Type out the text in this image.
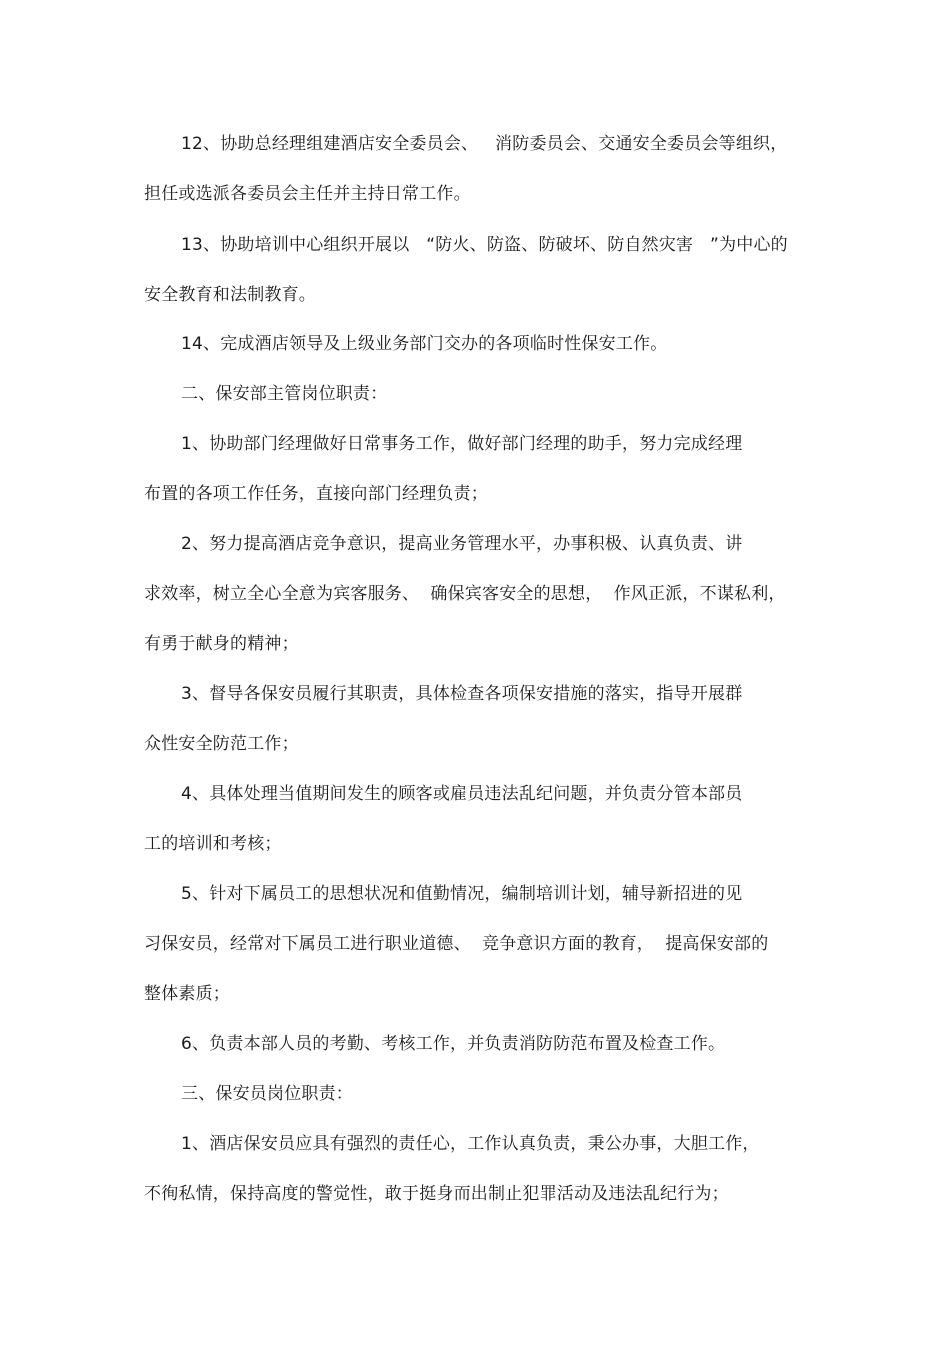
12、协助总经理组建酒店安全委员会、   消防委员会、交通安全委员会等组织，
担任或选派各委员会主任并主持日常工作。
13、协助培训中心组织开展以   “防火、防盗、防破坏、防自然灾害   ”为中心的
安全教育和法制教育。
14、完成酒店领导及上级业务部门交办的各项临时性保安工作。
二、保安部主管岗位职责：
1、协助部门经理做好日常事务工作，做好部门经理的助手，努力完成经理
布置的各项工作任务，直接向部门经理负责；
2、努力提高酒店竞争意识，提高业务管理水平，办事积极、认真负责、讲
求效率，树立全心全意为宾客服务、  确保宾客安全的思想，  作风正派，不谋私利，
有勇于献身的精神；
3、督导各保安员履行其职责，具体检查各项保安措施的落实，指导开展群
众性安全防范工作；
4、具体处理当值期间发生的顾客或雇员违法乱纪问题，并负责分管本部员
工的培训和考核；
5、针对下属员工的思想状况和值勤情况，编制培训计划，辅导新招进的见
习保安员，经常对下属员工进行职业道德、  竞争意识方面的教育，  提高保安部的
整体素质；
6、负责本部人员的考勤、考核工作，并负责消防防范布置及检查工作。
三、保安员岗位职责：
1、酒店保安员应具有强烈的责任心，工作认真负责，秉公办事，大胆工作，
不徇私情，保持高度的警觉性，敢于挺身而出制止犯罪活动及违法乱纪行为；
